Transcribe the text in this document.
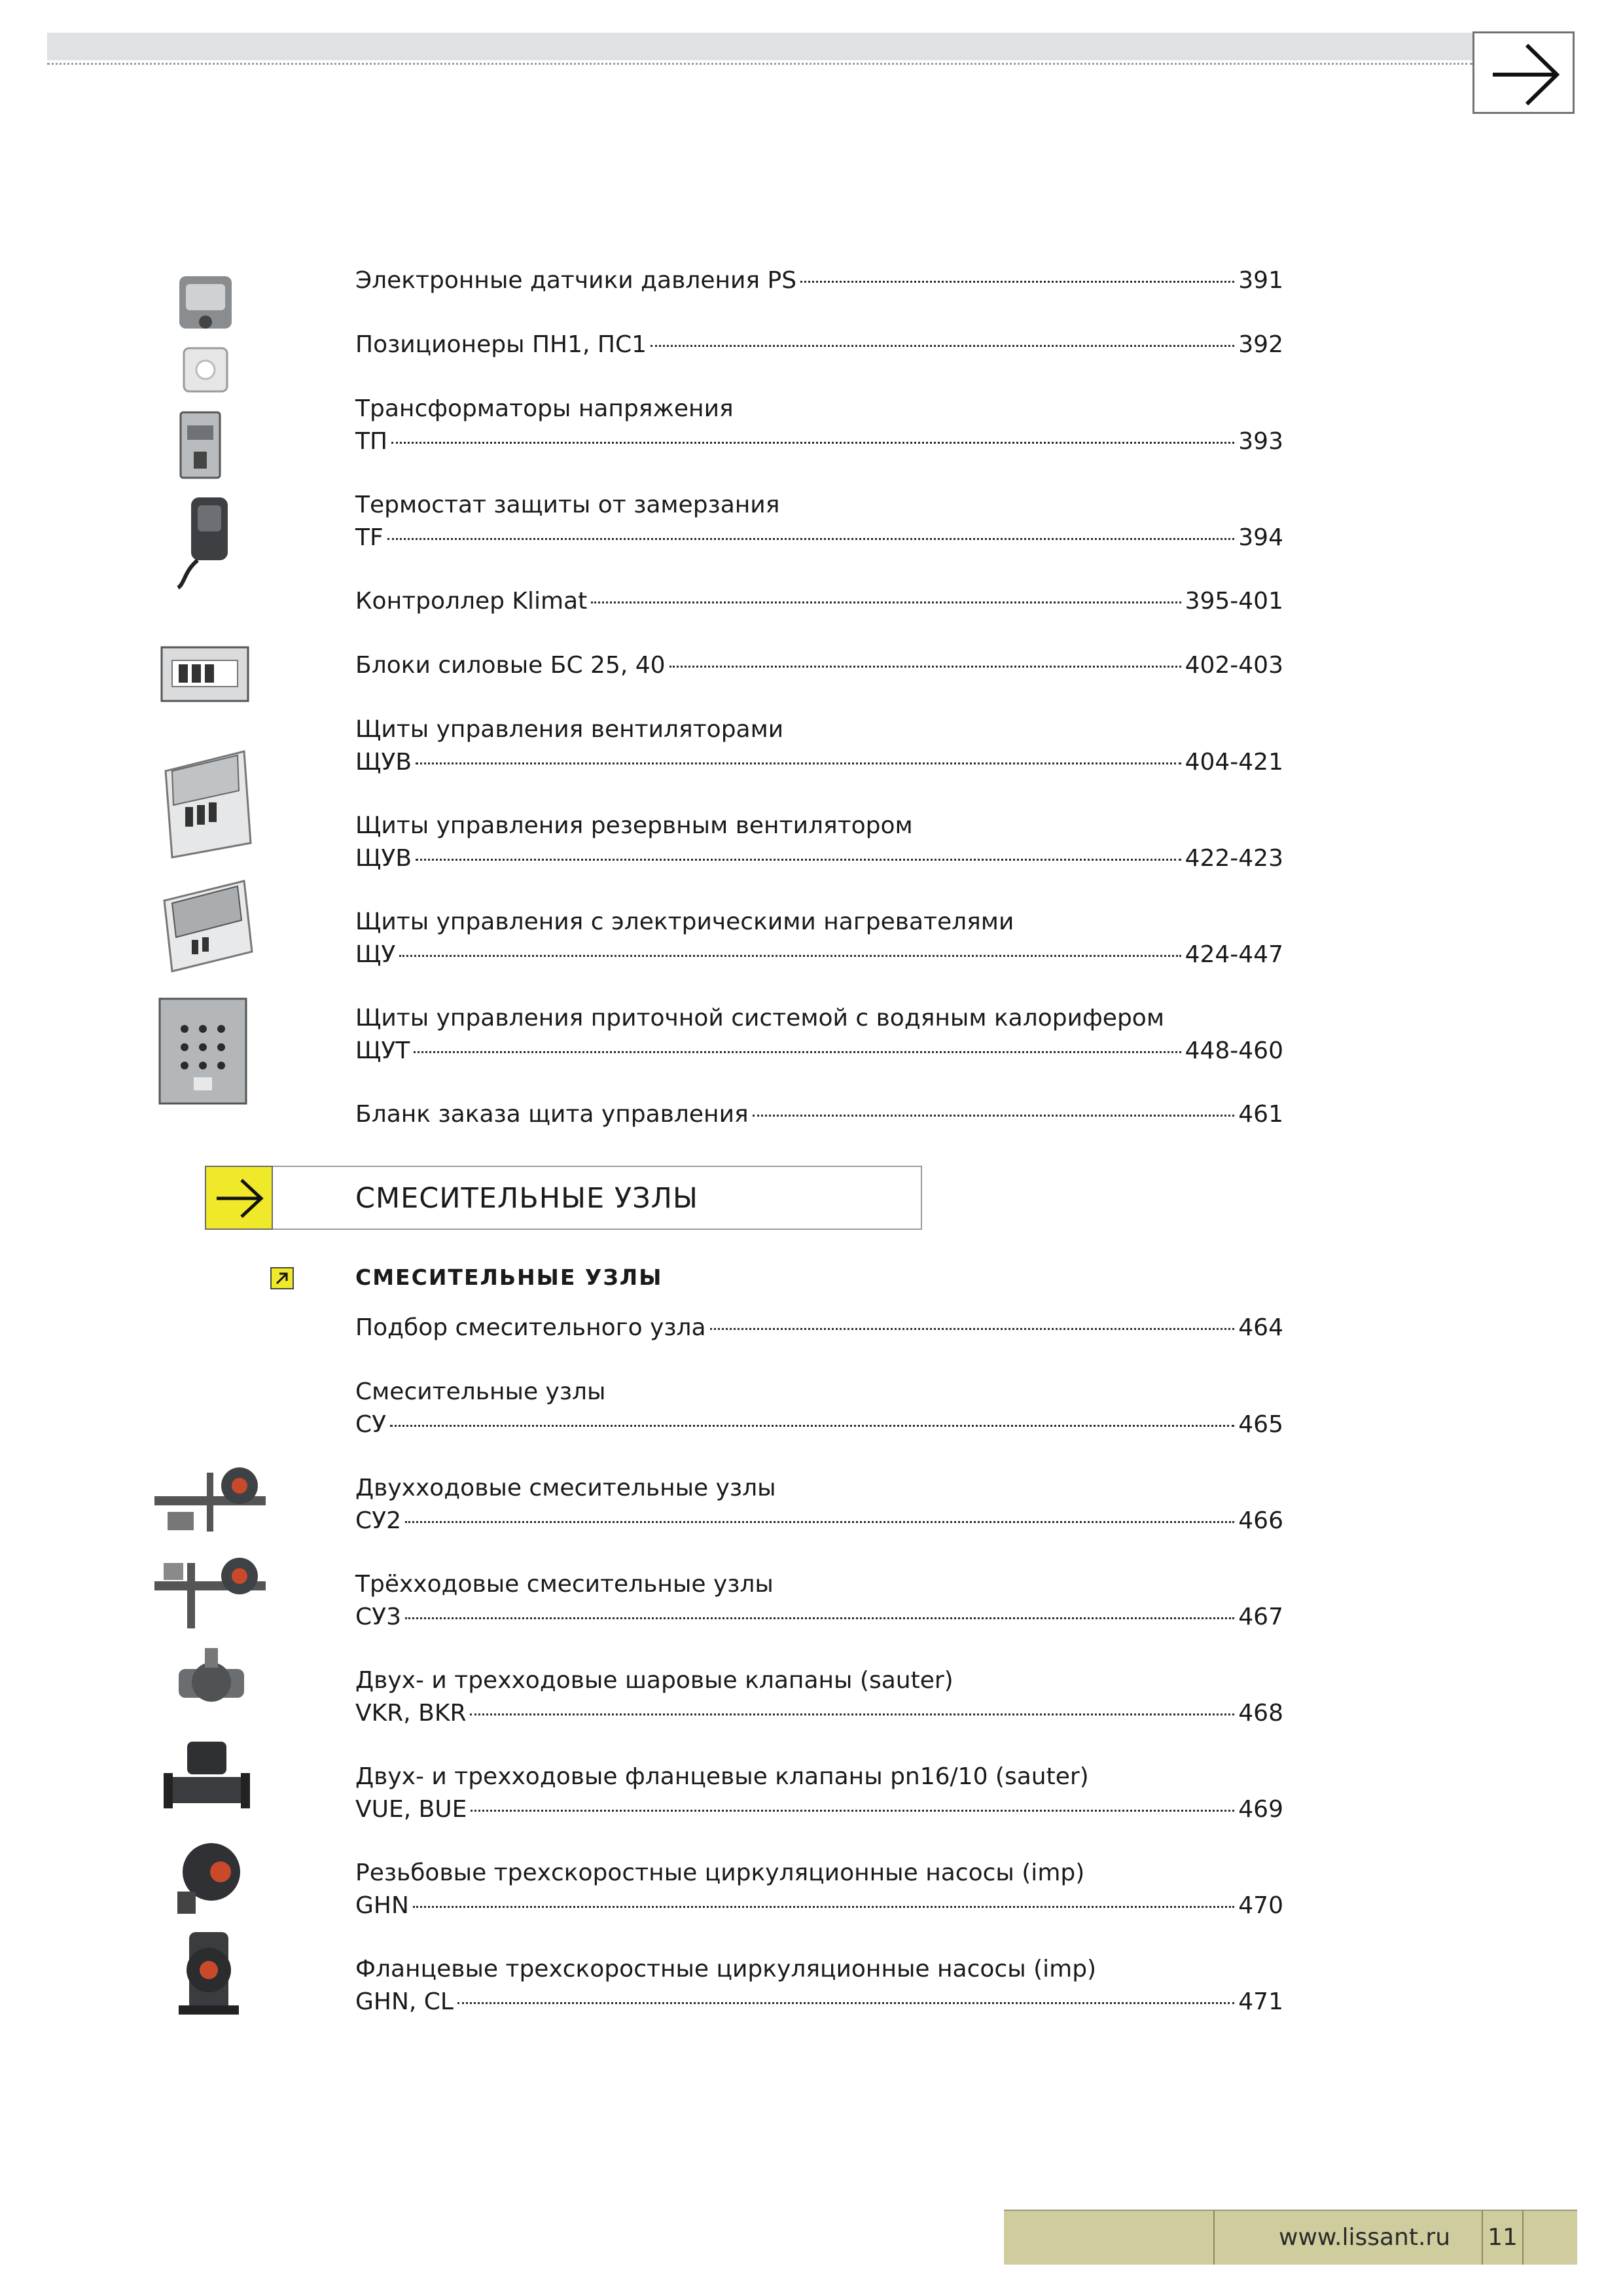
Электронные датчики давления PS	391
Позиционеры ПН1, ПС1	392
Трансформаторы напряжения
ТП	393
Термостат защиты от замерзания
TF	394
Контроллер Klimat	395-401
Блоки силовые БС 25, 40	402-403
Щиты управления вентиляторами
ЩУВ	404-421
Щиты управления резервным вентилятором
ЩУВ	422-423
Щиты управления с электрическими нагревателями
ЩУ	424-447
Щиты управления приточной системой с водяным калорифером
ЩУТ	448-460
Бланк заказа щита управления	461
СМЕСИТЕЛЬНЫЕ УЗЛЫ
СМЕСИТЕЛЬНЫЕ УЗЛЫ
Подбор смесительного узла	464
Смесительные узлы
СУ	465
Двухходовые смесительные узлы
СУ2	466
Трёхходовые смесительные узлы
СУ3	467
Двух- и трехходовые шаровые клапаны (sauter)
VKR, BKR	468
Двух- и трехходовые фланцевые клапаны pn16/10 (sauter)
VUE, BUE	469
Резьбовые трехскоростные циркуляционные насосы (imp)
GHN	470
Фланцевые трехскоростные циркуляционные насосы (imp)
GHN, CL	471
www.lissant.ru 11
